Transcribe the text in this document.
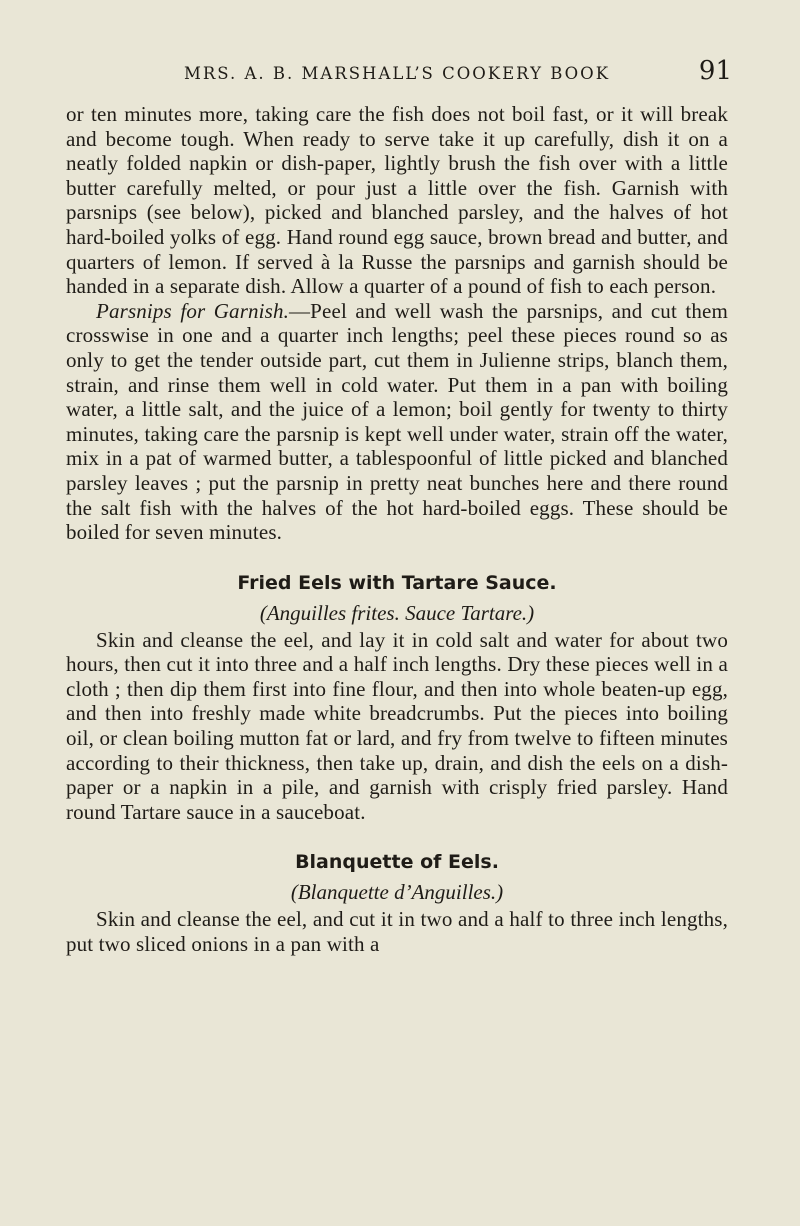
MRS. A. B. MARSHALL’S COOKERY BOOK	91

or ten minutes more, taking care the fish does not boil fast, or it will break and become tough. When ready to serve take it up carefully, dish it on a neatly folded napkin or dish-paper, lightly brush the fish over with a little butter carefully melted, or pour just a little over the fish. Garnish with parsnips (see below), picked and blanched parsley, and the halves of hot hard-boiled yolks of egg. Hand round egg sauce, brown bread and butter, and quarters of lemon. If served à la Russe the parsnips and garnish should be handed in a separate dish. Allow a quarter of a pound of fish to each person.

Parsnips for Garnish.—Peel and well wash the parsnips, and cut them crosswise in one and a quarter inch lengths; peel these pieces round so as only to get the tender outside part, cut them in Julienne strips, blanch them, strain, and rinse them well in cold water. Put them in a pan with boiling water, a little salt, and the juice of a lemon; boil gently for twenty to thirty minutes, taking care the parsnip is kept well under water, strain off the water, mix in a pat of warmed butter, a tablespoonful of little picked and blanched parsley leaves ; put the parsnip in pretty neat bunches here and there round the salt fish with the halves of the hot hard-boiled eggs. These should be boiled for seven minutes.

Fried Eels with Tartare Sauce.
(Anguilles frites. Sauce Tartare.)

Skin and cleanse the eel, and lay it in cold salt and water for about two hours, then cut it into three and a half inch lengths. Dry these pieces well in a cloth ; then dip them first into fine flour, and then into whole beaten-up egg, and then into freshly made white breadcrumbs. Put the pieces into boiling oil, or clean boiling mutton fat or lard, and fry from twelve to fifteen minutes according to their thickness, then take up, drain, and dish the eels on a dish-paper or a napkin in a pile, and garnish with crisply fried parsley. Hand round Tartare sauce in a sauceboat.

Blanquette of Eels.
(Blanquette d’Anguilles.)

Skin and cleanse the eel, and cut it in two and a half to three inch lengths, put two sliced onions in a pan with a
